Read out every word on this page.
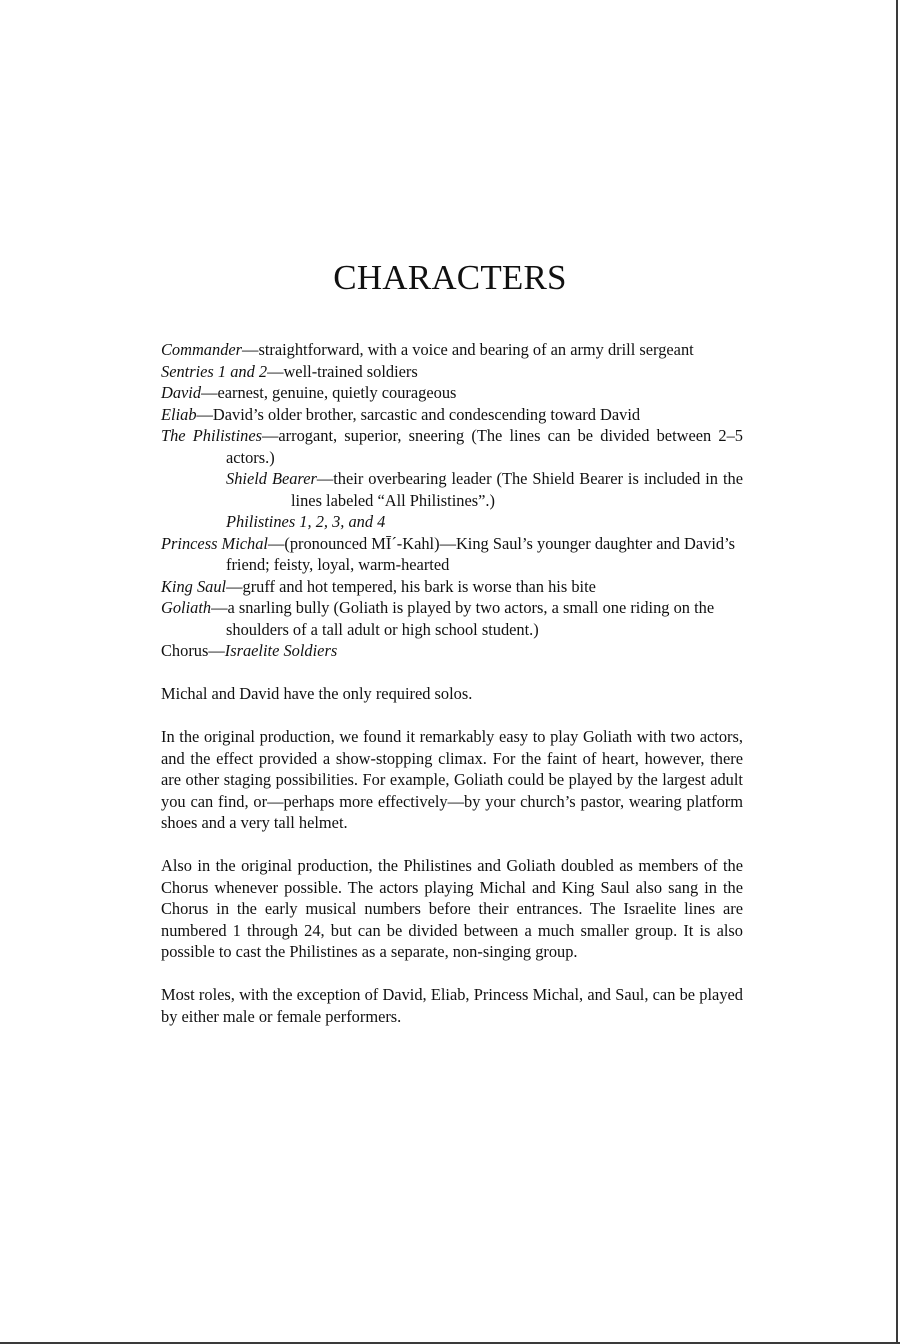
CHARACTERS

Commander—straightforward, with a voice and bearing of an army drill sergeant

Sentries 1 and 2—well-trained soldiers

David—earnest, genuine, quietly courageous

Eliab—David’s older brother, sarcastic and condescending toward David

The Philistines—arrogant, superior, sneering (The lines can be divided between 2–5 actors.)

Shield Bearer—their overbearing leader (The Shield Bearer is included in the lines labeled “All Philistines”.)

Philistines 1, 2, 3, and 4

Princess Michal—(pronounced MĪ´-Kahl)—King Saul’s younger daughter and David’s friend; feisty, loyal, warm-hearted

King Saul—gruff and hot tempered, his bark is worse than his bite

Goliath—a snarling bully (Goliath is played by two actors, a small one riding on the shoulders of a tall adult or high school student.)

Chorus—Israelite Soldiers

Michal and David have the only required solos.

In the original production, we found it remarkably easy to play Goliath with two actors, and the effect provided a show-stopping climax. For the faint of heart, however, there are other staging possibilities. For example, Goliath could be played by the largest adult you can find, or—perhaps more effectively—by your church’s pastor, wearing platform shoes and a very tall helmet.

Also in the original production, the Philistines and Goliath doubled as members of the Chorus whenever possible. The actors playing Michal and King Saul also sang in the Chorus in the early musical numbers before their entrances. The Israelite lines are numbered 1 through 24, but can be divided between a much smaller group. It is also possible to cast the Philistines as a separate, non-singing group.

Most roles, with the exception of David, Eliab, Princess Michal, and Saul, can be played by either male or female performers.
